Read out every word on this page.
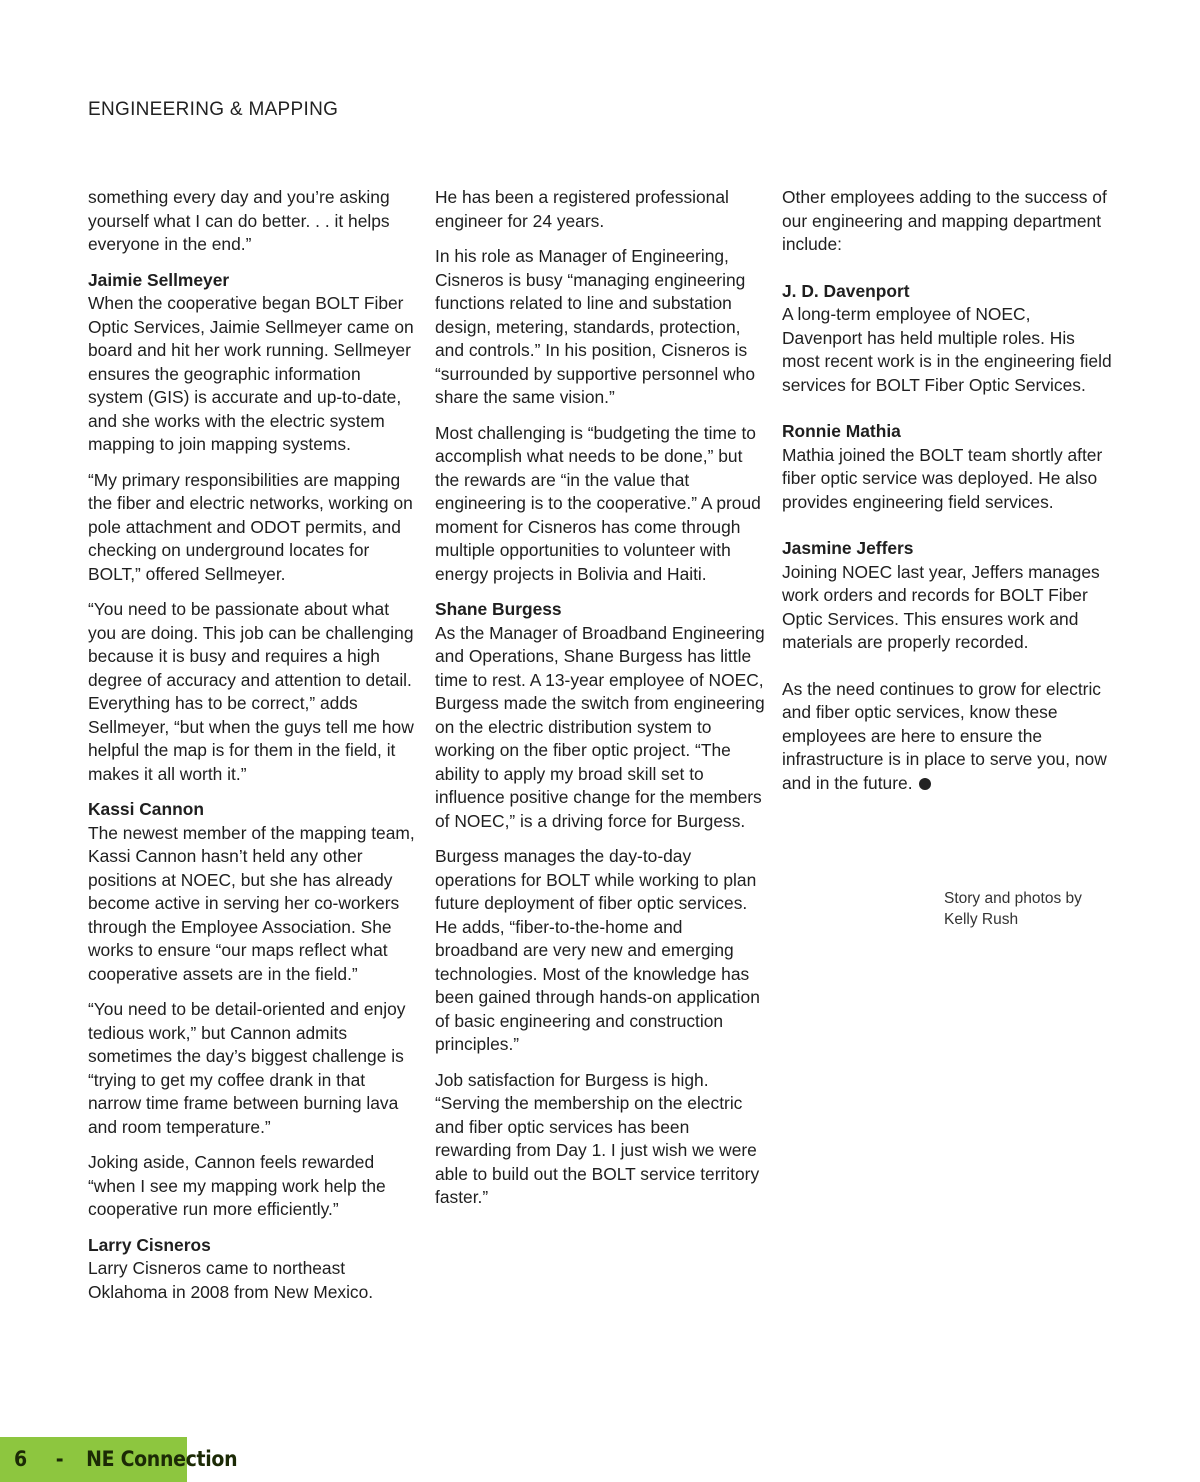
ENGINEERING & MAPPING

something every day and you’re asking yourself what I can do better. . . it helps everyone in the end.”

Jaimie Sellmeyer

When the cooperative began BOLT Fiber Optic Services, Jaimie Sellmeyer came on board and hit her work running. Sellmeyer ensures the geographic information system (GIS) is accurate and up-to-date, and she works with the electric system mapping to join mapping systems.

“My primary responsibilities are mapping the fiber and electric networks, working on pole attachment and ODOT permits, and checking on underground locates for BOLT,” offered Sellmeyer.

“You need to be passionate about what you are doing. This job can be challenging because it is busy and requires a high degree of accuracy and attention to detail. Everything has to be correct,” adds Sellmeyer, “but when the guys tell me how helpful the map is for them in the field, it makes it all worth it.”

Kassi Cannon

The newest member of the mapping team, Kassi Cannon hasn’t held any other positions at NOEC, but she has already become active in serving her co-workers through the Employee Association. She works to ensure “our maps reflect what cooperative assets are in the field.”

“You need to be detail-oriented and enjoy tedious work,” but Cannon admits sometimes the day’s biggest challenge is “trying to get my coffee drank in that narrow time frame between burning lava and room temperature.”

Joking aside, Cannon feels rewarded “when I see my mapping work help the cooperative run more efficiently.”

Larry Cisneros

Larry Cisneros came to northeast Oklahoma in 2008 from New Mexico.

He has been a registered professional engineer for 24 years.

In his role as Manager of Engineering, Cisneros is busy “managing engineering functions related to line and substation design, metering, standards, protection, and controls.” In his position, Cisneros is “surrounded by supportive personnel who share the same vision.”

Most challenging is “budgeting the time to accomplish what needs to be done,” but the rewards are “in the value that engineering is to the cooperative.” A proud moment for Cisneros has come through multiple opportunities to volunteer with energy projects in Bolivia and Haiti.

Shane Burgess

As the Manager of Broadband Engineering and Operations, Shane Burgess has little time to rest. A 13-year employee of NOEC, Burgess made the switch from engineering on the electric distribution system to working on the fiber optic project. “The ability to apply my broad skill set to influence positive change for the members of NOEC,” is a driving force for Burgess.

Burgess manages the day-to-day operations for BOLT while working to plan future deployment of fiber optic services. He adds, “fiber-to-the-home and broadband are very new and emerging technologies. Most of the knowledge has been gained through hands-on application of basic engineering and construction principles.”

Job satisfaction for Burgess is high. “Serving the membership on the electric and fiber optic services has been rewarding from Day 1. I just wish we were able to build out the BOLT service territory faster.”

Other employees adding to the success of our engineering and mapping department include:

J. D. Davenport

A long-term employee of NOEC, Davenport has held multiple roles. His most recent work is in the engineering field services for BOLT Fiber Optic Services.

Ronnie Mathia

Mathia joined the BOLT team shortly after fiber optic service was deployed. He also provides engineering field services.

Jasmine Jeffers

Joining NOEC last year, Jeffers manages work orders and records for BOLT Fiber Optic Services. This ensures work and materials are properly recorded.

As the need continues to grow for electric and fiber optic services, know these employees are here to ensure the infrastructure is in place to serve you, now and in the future.

Story and photos by
Kelly Rush
6 - NE Connection
